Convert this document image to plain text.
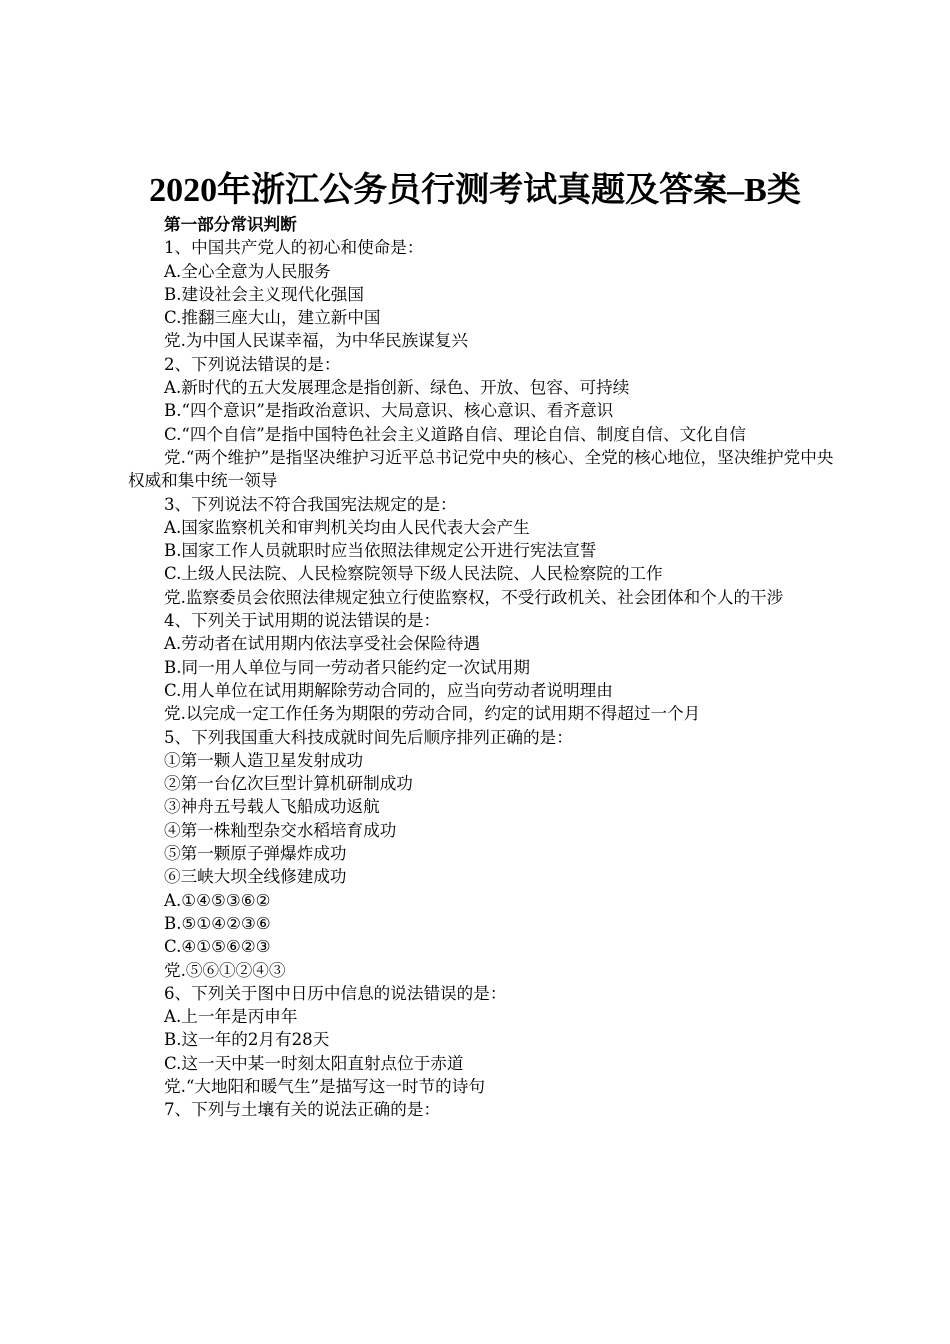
2020年浙江公务员行测考试真题及答案–B类

第一部分常识判断

1、中国共产党人的初心和使命是：

A.全心全意为人民服务

B.建设社会主义现代化强国

C.推翻三座大山，建立新中国

党.为中国人民谋幸福，为中华民族谋复兴

2、下列说法错误的是：

A.新时代的五大发展理念是指创新、绿色、开放、包容、可持续

B.“四个意识”是指政治意识、大局意识、核心意识、看齐意识

C.“四个自信”是指中国特色社会主义道路自信、理论自信、制度自信、文化自信

党.“两个维护”是指坚决维护习近平总书记党中央的核心、全党的核心地位，坚决维护党中央权威和集中统一领导

3、下列说法不符合我国宪法规定的是：

A.国家监察机关和审判机关均由人民代表大会产生

B.国家工作人员就职时应当依照法律规定公开进行宪法宣誓

C.上级人民法院、人民检察院领导下级人民法院、人民检察院的工作

党.监察委员会依照法律规定独立行使监察权，不受行政机关、社会团体和个人的干涉

4、下列关于试用期的说法错误的是：

A.劳动者在试用期内依法享受社会保险待遇

B.同一用人单位与同一劳动者只能约定一次试用期

C.用人单位在试用期解除劳动合同的，应当向劳动者说明理由

党.以完成一定工作任务为期限的劳动合同，约定的试用期不得超过一个月

5、下列我国重大科技成就时间先后顺序排列正确的是：

①第一颗人造卫星发射成功

②第一台亿次巨型计算机研制成功

③神舟五号载人飞船成功返航

④第一株籼型杂交水稻培育成功

⑤第一颗原子弹爆炸成功

⑥三峡大坝全线修建成功

A.①④⑤③⑥②

B.⑤①④②③⑥

C.④①⑤⑥②③

党.⑤⑥①②④③

6、下列关于图中日历中信息的说法错误的是：

A.上一年是丙申年

B.这一年的2月有28天

C.这一天中某一时刻太阳直射点位于赤道

党.“大地阳和暖气生”是描写这一时节的诗句

7、下列与土壤有关的说法正确的是：
